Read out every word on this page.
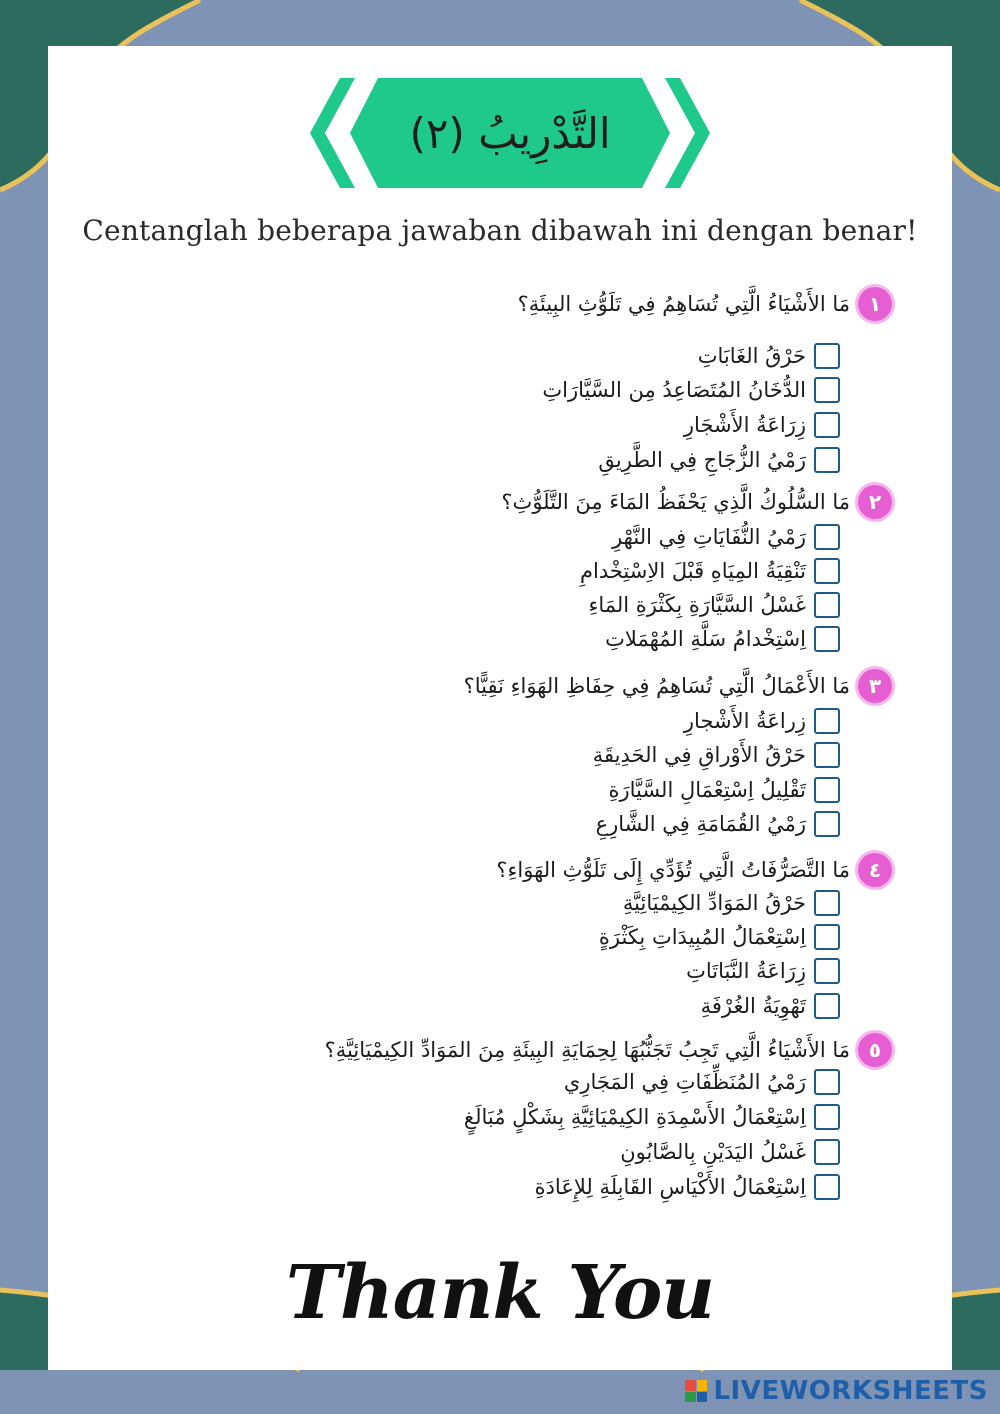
التَّدْرِيبُ (٢)
Centanglah beberapa jawaban dibawah ini dengan benar!
١
مَا الأَشْيَاءُ الَّتِي تُسَاهِمُ فِي تَلَوُّثِ البِيئَةِ؟
حَرْقُ الغَابَاتِ
الدُّخَانُ المُتَصَاعِدُ مِن السَّيَّارَاتِ
زِرَاعَةُ الأَشْجَارِ
رَمْيُ الزُّجَاجِ فِي الطَّرِيقِ
٢
مَا السُّلُوكُ الَّذِي يَحْفَظُ المَاءَ مِنَ التَّلَوُّثِ؟
رَمْيُ النُّفَايَاتِ فِي النَّهْرِ
تَنْقِيَةُ المِيَاهِ قَبْلَ الاِسْتِخْدامِ
غَسْلُ السَّيَّارَةِ بِكَثْرَةِ المَاءِ
اِسْتِخْدامُ سَلَّةِ المُهْمَلاتِ
٣
مَا الأَعْمَالُ الَّتِي تُسَاهِمُ فِي حِفَاظِ الهَوَاءِ نَقِيًّا؟
زِراعَةُ الأَشْجارِ
حَرْقُ الأَوْراقِ فِي الحَدِيقَةِ
تَقْلِيلُ اِسْتِعْمَالِ السَّيَّارَةِ
رَمْيُ القُمَامَةِ فِي الشَّارِعِ
٤
مَا التَّصَرُّفَاتُ الَّتِي تُؤَدِّي إِلَى تَلَوُّثِ الهَوَاءِ؟
حَرْقُ المَوَادِّ الكِيمْيَائِيَّةِ
اِسْتِعْمَالُ المُبِيدَاتِ بِكَثْرَةٍ
زِرَاعَةُ النَّبَاتَاتِ
تَهْوِيَةُ الغُرْفَةِ
٥
مَا الأَشْيَاءُ الَّتِي تَجِبُ تَجَنُّبُهَا لِحِمَايَةِ البِيئَةِ مِنَ المَوَادِّ الكِيمْيَائِيَّةِ؟
رَمْيُ المُنَظِّفَاتِ فِي المَجَارِي
اِسْتِعْمَالُ الأَسْمِدَةِ الكِيمْيَائِيَّةِ بِشَكْلٍ مُبَالَغٍ
غَسْلُ اليَدَيْنِ بِالصَّابُونِ
اِسْتِعْمَالُ الأَكْيَاسِ القَابِلَةِ لِلإِعَادَةِ
Thank You
LIVEWORKSHEETS
